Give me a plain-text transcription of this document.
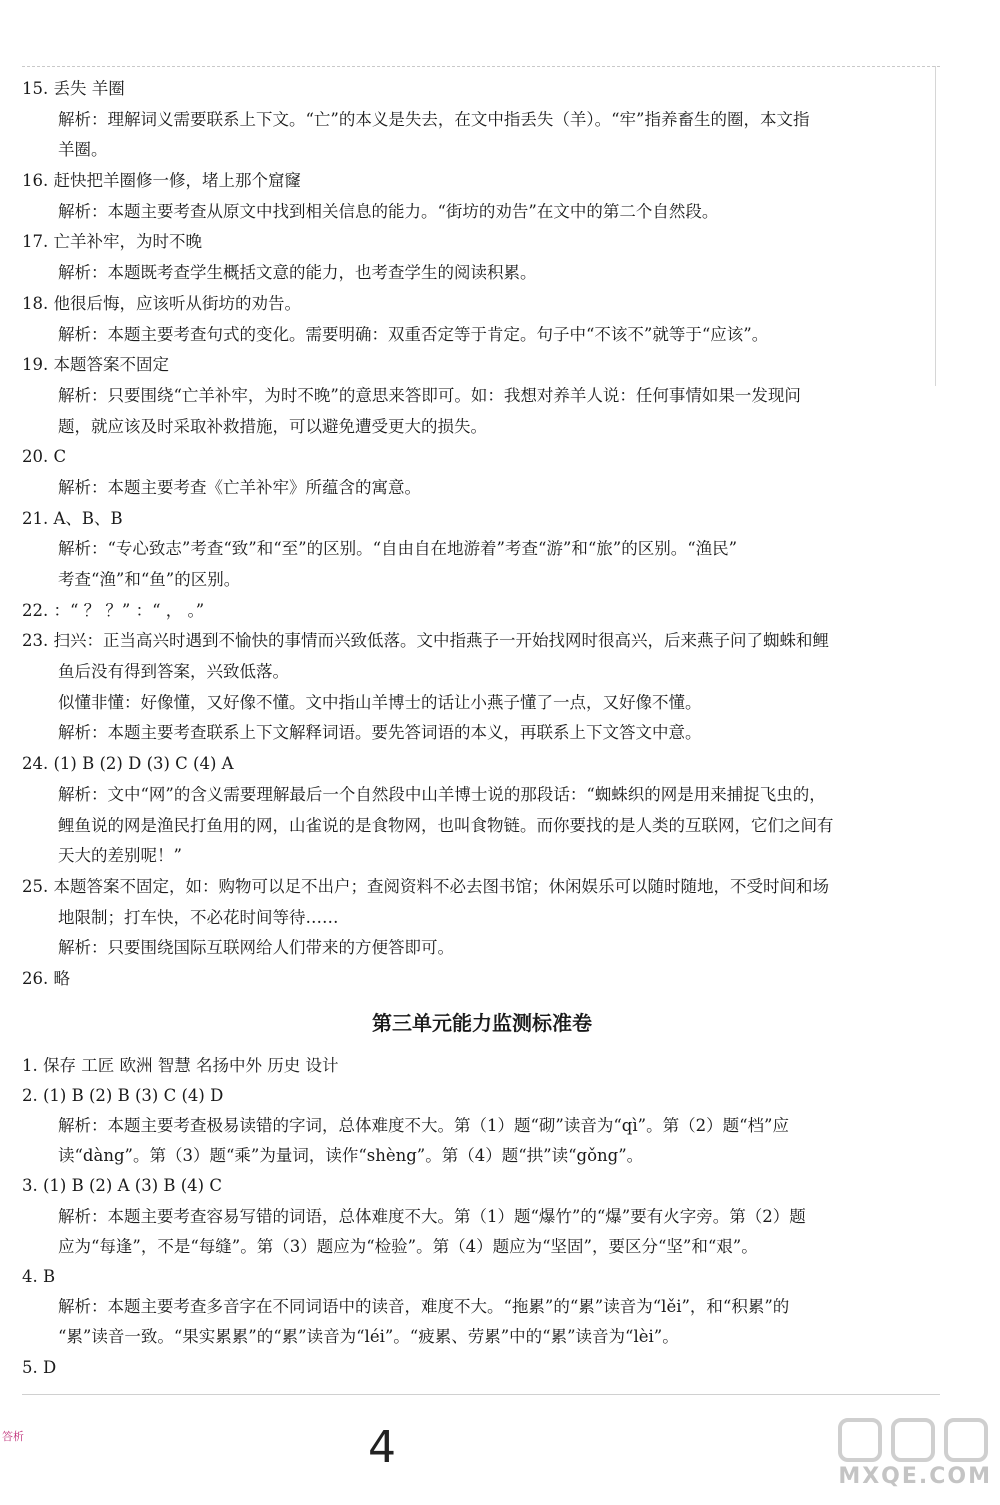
15. 丢失 羊圈
解析：理解词义需要联系上下文。“亡”的本义是失去，在文中指丢失（羊）。“牢”指养畜生的圈，本文指
羊圈。
16. 赶快把羊圈修一修，堵上那个窟窿
解析：本题主要考查从原文中找到相关信息的能力。“街坊的劝告”在文中的第二个自然段。
17. 亡羊补牢，为时不晚
解析：本题既考查学生概括文意的能力，也考查学生的阅读积累。
18. 他很后悔，应该听从街坊的劝告。
解析：本题主要考查句式的变化。需要明确：双重否定等于肯定。句子中“不该不”就等于“应该”。
19. 本题答案不固定
解析：只要围绕“亡羊补牢，为时不晚”的意思来答即可。如：我想对养羊人说：任何事情如果一发现问
题，就应该及时采取补救措施，可以避免遭受更大的损失。
20. C
解析：本题主要考查《亡羊补牢》所蕴含的寓意。
21. A、B、B
解析：“专心致志”考查“致”和“至”的区别。“自由自在地游着”考查“游”和“旅”的区别。“渔民”
考查“渔”和“鱼”的区别。
22. ：“ ？ ？” ：“ ， 。”
23. 扫兴：正当高兴时遇到不愉快的事情而兴致低落。文中指燕子一开始找网时很高兴，后来燕子问了蜘蛛和鲤
鱼后没有得到答案，兴致低落。
似懂非懂：好像懂，又好像不懂。文中指山羊博士的话让小燕子懂了一点，又好像不懂。
解析：本题主要考查联系上下文解释词语。要先答词语的本义，再联系上下文答文中意。
24. (1) B (2) D (3) C (4) A
解析：文中“网”的含义需要理解最后一个自然段中山羊博士说的那段话：“蜘蛛织的网是用来捕捉飞虫的，
鲤鱼说的网是渔民打鱼用的网，山雀说的是食物网，也叫食物链。而你要找的是人类的互联网，它们之间有
天大的差别呢！”
25. 本题答案不固定，如：购物可以足不出户；查阅资料不必去图书馆；休闲娱乐可以随时随地，不受时间和场
地限制；打车快，不必花时间等待……
解析：只要围绕国际互联网给人们带来的方便答即可。
26. 略
第三单元能力监测标准卷
1. 保存 工匠 欧洲 智慧 名扬中外 历史 设计
2. (1) B (2) B (3) C (4) D
解析：本题主要考查极易读错的字词，总体难度不大。第（1）题“砌”读音为“qì”。第（2）题“档”应
读“dàng”。第（3）题“乘”为量词，读作“shèng”。第（4）题“拱”读“gǒng”。
3. (1) B (2) A (3) B (4) C
解析：本题主要考查容易写错的词语，总体难度不大。第（1）题“爆竹”的“爆”要有火字旁。第（2）题
应为“每逢”，不是“每缝”。第（3）题应为“检验”。第（4）题应为“坚固”，要区分“坚”和“艰”。
4. B
解析：本题主要考查多音字在不同词语中的读音，难度不大。“拖累”的“累”读音为“lěi”，和“积累”的
“累”读音一致。“果实累累”的“累”读音为“léi”。“疲累、劳累”中的“累”读音为“lèi”。
5. D
答析	4
MXQE.COM
